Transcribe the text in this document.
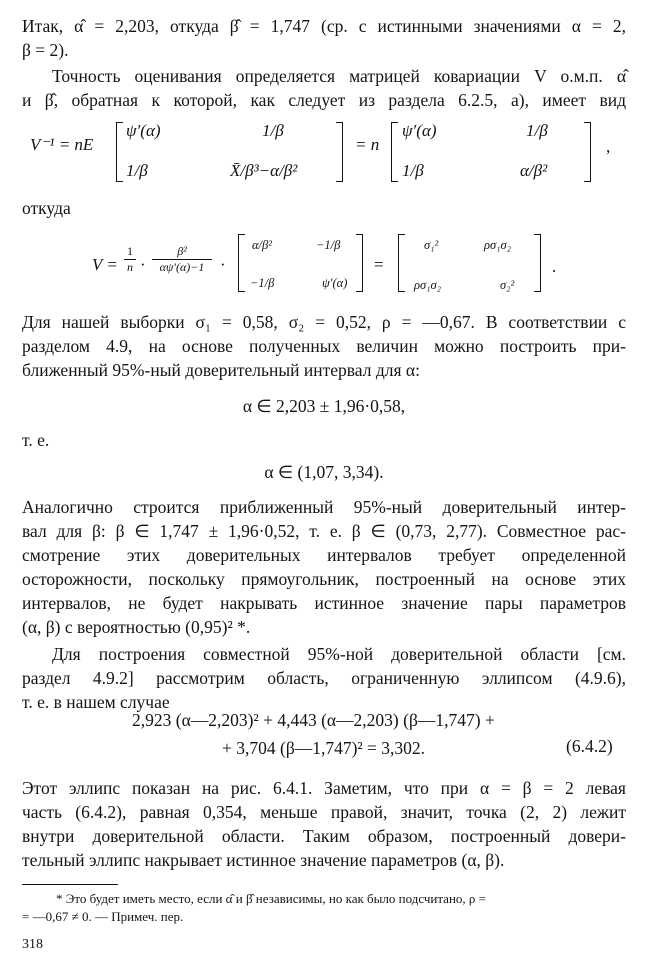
Итак, α̂ = 2,203, откуда β̂ = 1,747 (ср. с истинными значениями α = 2,
β = 2).
Точность оценивания определяется матрицей ковариации V о.м.п. α̂
и β̂, обратная к которой, как следует из раздела 6.2.5, а), имеет вид
V⁻¹ = nE
ψ′(α)	1/β
1/β	X̄/β³−α/β²
= n
ψ′(α)	1/β
1/β	α/β²
,
откуда
$V = \frac{1}{n} \cdot \frac{\text{β²}}{\alpha\psi'(\alpha)-1}$ ·
α/β²	−1/β
−1/β	ψ′(α)
=
σ₁²	ρσ₁σ₂
ρσ₁σ₂	σ₂²
.
Для нашей выборки σ₁ = 0,58, σ₂ = 0,52, ρ = —0,67. В соответствии с
разделом 4.9, на основе полученных величин можно построить при-
ближенный 95%-ный доверительный интервал для α:
α ∈ 2,203 ± 1,96·0,58,
т. е.
α ∈ (1,07, 3,34).
Аналогично строится приближенный 95%-ный доверительный интер-
вал для β: β ∈ 1,747 ± 1,96·0,52, т. е. β ∈ (0,73, 2,77). Совместное рас-
смотрение этих доверительных интервалов требует определенной
осторожности, поскольку прямоугольник, построенный на основе этих
интервалов, не будет накрывать истинное значение пары параметров
(α, β) с вероятностью (0,95)² *.
Для построения совместной 95%-ной доверительной области [см.
раздел 4.9.2] рассмотрим область, ограниченную эллипсом (4.9.6),
т. е. в нашем случае
2,923 (α—2,203)² + 4,443 (α—2,203) (β—1,747) +
+ 3,704 (β—1,747)² = 3,302.	(6.4.2)
Этот эллипс показан на рис. 6.4.1. Заметим, что при α = β = 2 левая
часть (6.4.2), равная 0,354, меньше правой, значит, точка (2, 2) лежит
внутри доверительной области. Таким образом, построенный довери-
тельный эллипс накрывает истинное значение параметров (α, β).
* Это будет иметь место, если α̂ и β̂ независимы, но как было подсчитано, ρ =
= —0,67 ≠ 0. — Примеч. пер.
318
